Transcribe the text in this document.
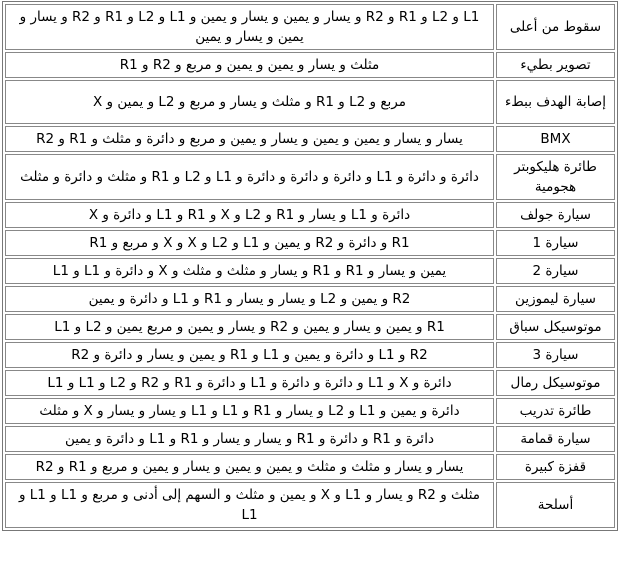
سقوط من أعلى	L1 و L2 و R1 و R2 و يسار و يمين و يسار و يمين و L1 و L2 و R1 و R2 و يسار و يمين و يسار و يمين
تصوير بطيء	مثلث و يسار و يمين و يمين و مربع و R2 و R1
إصابة الهدف ببطء	مربع و L2 و R1 و مثلث و يسار و مربع و L2 و يمين و X
BMX	يسار و يسار و يمين و يمين و يسار و يمين و مربع و دائرة و مثلث و R1 و R2
طائرة هليكوبتر هجومية	دائرة و دائرة و L1 و دائرة و دائرة و دائرة و L1 و L2 و R1 و مثلث و دائرة و مثلث
سيارة جولف	دائرة و L1 و يسار و R1 و L2 و X و R1 و L1 و دائرة و X
سيارة 1	R1 و دائرة و R2 و يمين و L1 و L2 و X و X و مربع و R1
سيارة 2	يمين و يسار و R1 و R1 و يسار و مثلث و مثلث و X و دائرة و L1 و L1
سيارة ليموزين	R2 و يمين و L2 و يسار و يسار و R1 و L1 و دائرة و يمين
موتوسيكل سباق	R1 و يمين و يسار و يمين و R2 و يسار و يمين و مربع يمين و L2 و L1
سيارة 3	R2 و L1 و دائرة و يمين و L1 و R1 و يمين و يسار و دائرة و R2
موتوسيكل رمال	دائرة و X و L1 و دائرة و دائرة و L1 و دائرة و R1 و R2 و L2 و L1 و L1
طائرة تدريب	دائرة و يمين و L1 و L2 و يسار و R1 و L1 و L1 و يسار و يسار و X و مثلث
سيارة قمامة	دائرة و R1 و دائرة و R1 و يسار و يسار و R1 و L1 و دائرة و يمين
قفزة كبيرة	يسار و يسار و مثلث و مثلث و يمين و يمين و يسار و يمين و مربع و R1 و R2
أسلحة	مثلث و R2 و يسار و L1 و X و يمين و مثلث و السهم إلى أدنى و مربع و L1 و L1 و L1
